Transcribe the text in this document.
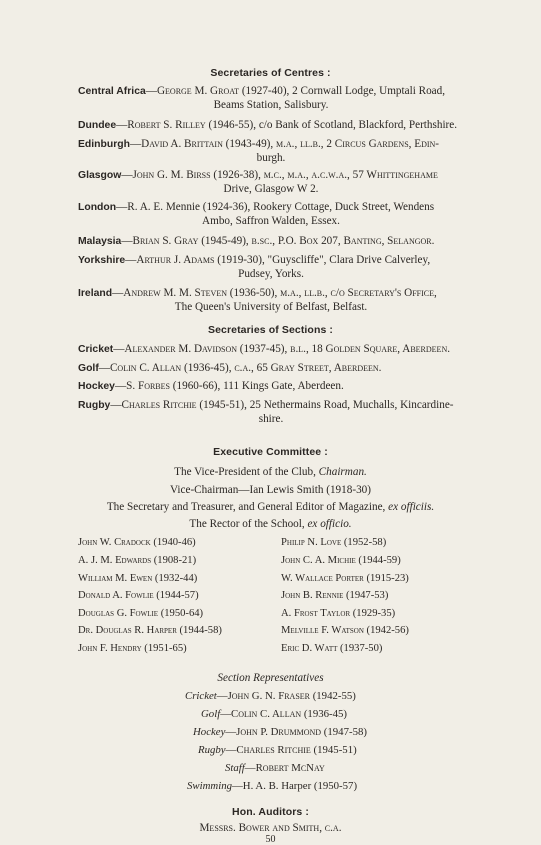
Secretaries of Centres :
Central Africa—George M. Groat (1927-40), 2 Cornwall Lodge, Umptali Road,
Beams Station, Salisbury.
Dundee—Robert S. Rilley (1946-55), c/o Bank of Scotland, Blackford, Perthshire.
Edinburgh—David A. Brittain (1943-49), m.a., ll.b., 2 Circus Gardens, Edin-
burgh.
Glasgow—John G. M. Birss (1926-38), m.c., m.a., a.c.w.a., 57 Whittingehame
Drive, Glasgow W 2.
London—R. A. E. Mennie (1924-36), Rookery Cottage, Duck Street, Wendens
Ambo, Saffron Walden, Essex.
Malaysia—Brian S. Gray (1945-49), b.sc., P.O. Box 207, Banting, Selangor.
Yorkshire—Arthur J. Adams (1919-30), "Guyscliffe", Clara Drive Calverley,
Pudsey, Yorks.
Ireland—Andrew M. M. Steven (1936-50), m.a., ll.b., c/o Secretary's Office,
The Queen's University of Belfast, Belfast.
Secretaries of Sections :
Cricket—Alexander M. Davidson (1937-45), b.l., 18 Golden Square, Aberdeen.
Golf—Colin C. Allan (1936-45), c.a., 65 Gray Street, Aberdeen.
Hockey—S. Forbes (1960-66), 111 Kings Gate, Aberdeen.
Rugby—Charles Ritchie (1945-51), 25 Nethermains Road, Muchalls, Kincardine-
shire.
Executive Committee :
The Vice-President of the Club, Chairman.
Vice-Chairman—Ian Lewis Smith (1918-30)
The Secretary and Treasurer, and General Editor of Magazine, ex officiis.
The Rector of the School, ex officio.
John W. Cradock (1940-46)
A. J. M. Edwards (1908-21)
William M. Ewen (1932-44)
Donald A. Fowlie (1944-57)
Douglas G. Fowlie (1950-64)
Dr. Douglas R. Harper (1944-58)
John F. Hendry (1951-65)
Philip N. Love (1952-58)
John C. A. Michie (1944-59)
W. Wallace Porter (1915-23)
John B. Rennie (1947-53)
A. Frost Taylor (1929-35)
Melville F. Watson (1942-56)
Eric D. Watt (1937-50)
Section Representatives
Cricket—John G. N. Fraser (1942-55)
Golf—Colin C. Allan (1936-45)
Hockey—John P. Drummond (1947-58)
Rugby—Charles Ritchie (1945-51)
Staff—Robert McNay
Swimming—H. A. B. Harper (1950-57)
Hon. Auditors :
Messrs. Bower and Smith, c.a.
50
